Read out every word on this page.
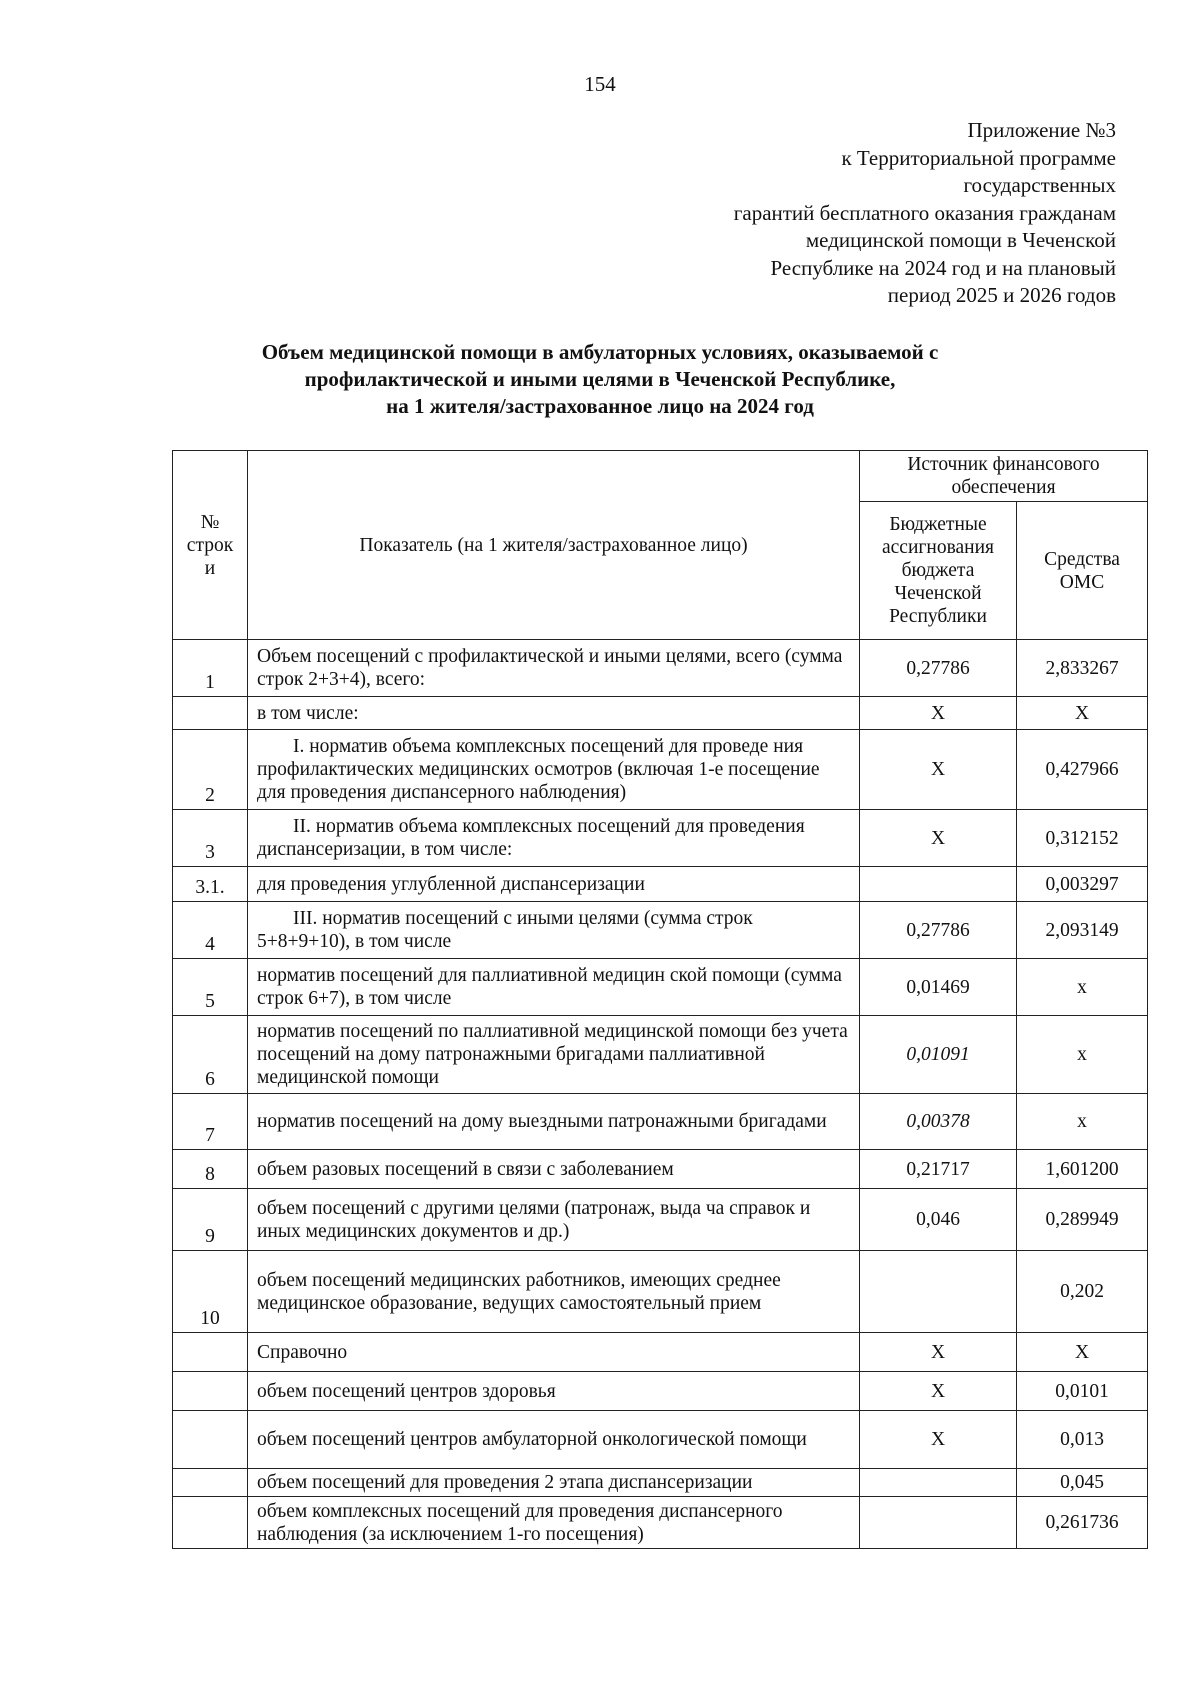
154
Приложение №3
к Территориальной программе
государственных
гарантий бесплатного оказания гражданам
медицинской помощи в Чеченской
Республике на 2024 год и на плановый
период 2025 и 2026 годов
Объем медицинской помощи в амбулаторных условиях, оказываемой с
профилактической и иными целями в Чеченской Республике,
на 1 жителя/застрахованное лицо на 2024 год
№ строк и	Показатель (на 1 жителя/застрахованное лицо)	Источник финансового обеспечения	
		Бюджетные ассигнования бюджета Чеченской Республики	Средства ОМС
1	Объем посещений с профилактической и иными целями, всего (сумма строк 2+3+4), всего:	0,27786	2,833267
	в том числе:	X	X
2	I. норматив объема комплексных посещений для проведе ния профилактических медицинских осмотров (включая 1-е посещение для проведения диспансерного наблюдения)	X	0,427966
3	II. норматив объема комплексных посещений для проведения диспансеризации, в том числе:	X	0,312152
3.1.	для проведения углубленной диспансеризации		0,003297
4	III. норматив посещений с иными целями (сумма строк 5+8+9+10), в том числе	0,27786	2,093149
5	норматив посещений для паллиативной медицин ской помощи (сумма строк 6+7), в том числе	0,01469	х
6	норматив посещений по паллиативной медицинской помощи без учета посещений на дому патронажными бригадами паллиативной медицинской помощи	0,01091	х
7	норматив посещений на дому выездными патронажными бригадами	0,00378	х
8	объем разовых посещений в связи с заболеванием	0,21717	1,601200
9	объем посещений с другими целями (патронаж, выда ча справок и иных медицинских документов и др.)	0,046	0,289949
10	объем посещений медицинских работников, имеющих среднее медицинское образование, ведущих самостоятельный прием		0,202
	Справочно	X	X
	объем посещений центров здоровья	X	0,0101
	объем посещений центров амбулаторной онкологической помощи	X	0,013
	объем посещений для проведения 2 этапа диспансеризации		0,045
	объем комплексных посещений для проведения диспансерного наблюдения (за исключением 1-го посещения)		0,261736
